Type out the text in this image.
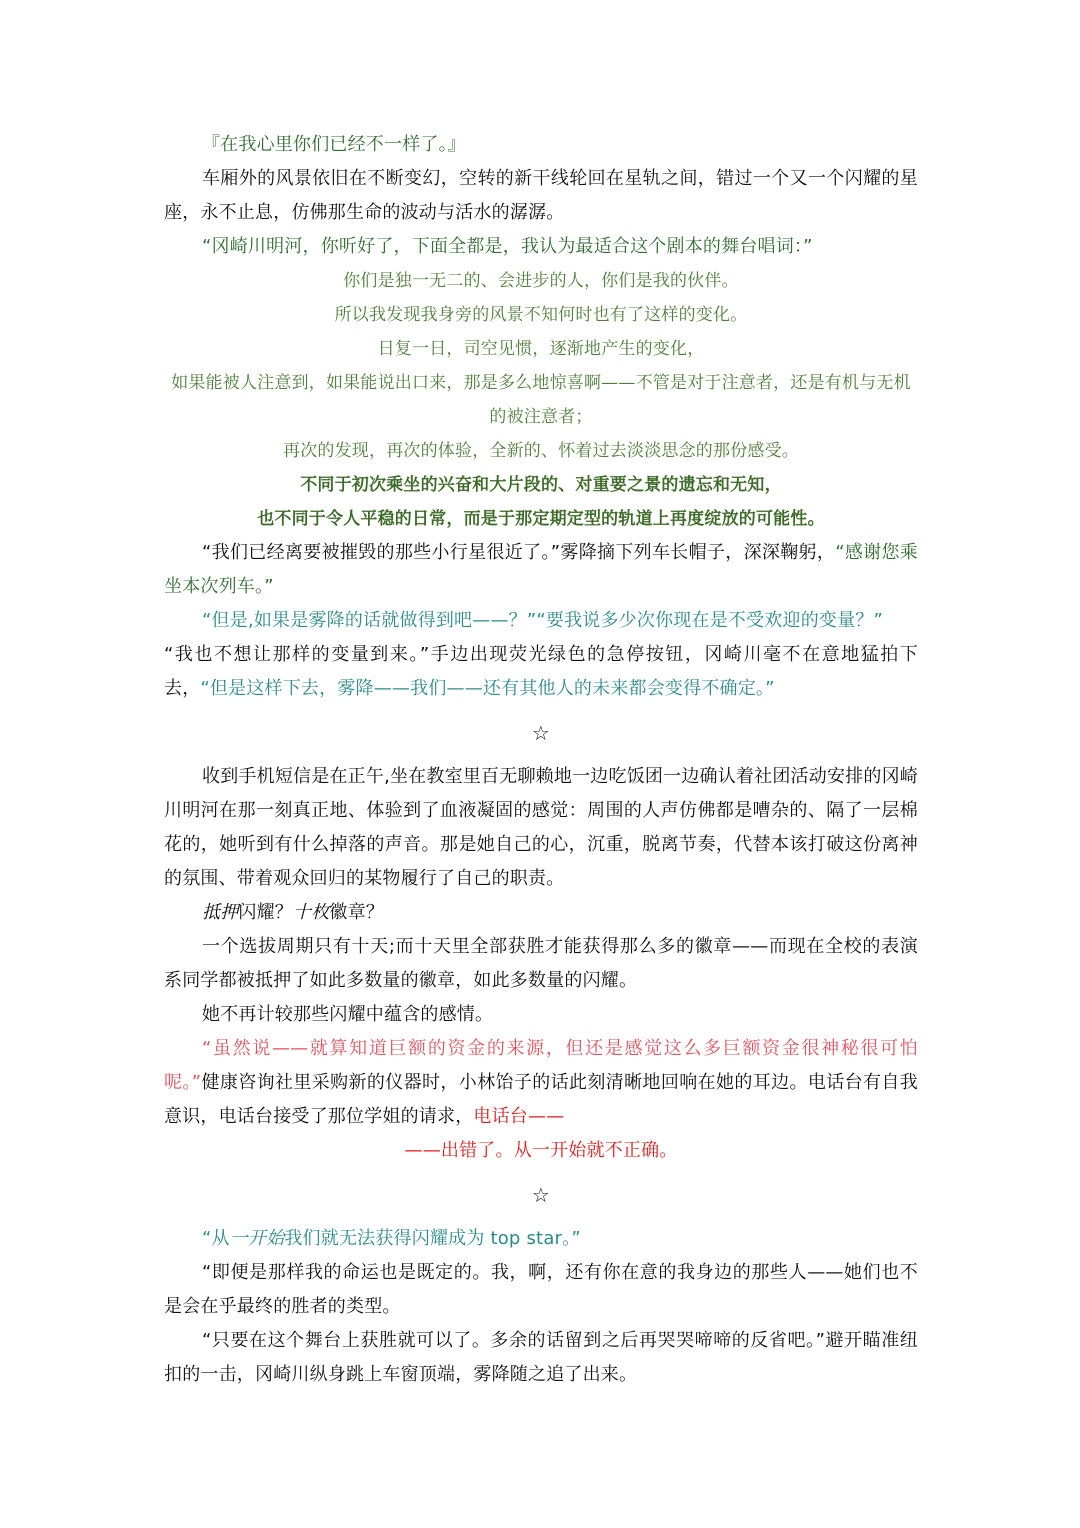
『在我心里你们已经不一样了。』

车厢外的风景依旧在不断变幻，空转的新干线轮回在星轨之间，错过一个又一个闪耀的星座，永不止息，仿佛那生命的波动与活水的潺潺。

“冈崎川明河，你听好了，下面全都是，我认为最适合这个剧本的舞台唱词：”

你们是独一无二的、会进步的人，你们是我的伙伴。

所以我发现我身旁的风景不知何时也有了这样的变化。

日复一日，司空见惯，逐渐地产生的变化，

如果能被人注意到，如果能说出口来，那是多么地惊喜啊——不管是对于注意者，还是有机与无机的被注意者；

再次的发现，再次的体验，全新的、怀着过去淡淡思念的那份感受。

不同于初次乘坐的兴奋和大片段的、对重要之景的遗忘和无知，

也不同于令人平稳的日常，而是于那定期定型的轨道上再度绽放的可能性。

“我们已经离要被摧毁的那些小行星很近了。”雾降摘下列车长帽子，深深鞠躬，“感谢您乘坐本次列车。”

“但是,如果是雾降的话就做得到吧——？”“要我说多少次你现在是不受欢迎的变量？”

“我也不想让那样的变量到来。”手边出现荧光绿色的急停按钮，冈崎川毫不在意地猛拍下去，“但是这样下去，雾降——我们——还有其他人的未来都会变得不确定。”

☆

收到手机短信是在正午,坐在教室里百无聊赖地一边吃饭团一边确认着社团活动安排的冈崎川明河在那一刻真正地、体验到了血液凝固的感觉：周围的人声仿佛都是嘈杂的、隔了一层棉花的，她听到有什么掉落的声音。那是她自己的心，沉重，脱离节奏，代替本该打破这份离神的氛围、带着观众回归的某物履行了自己的职责。

抵押闪耀？十枚徽章？

一个选拔周期只有十天;而十天里全部获胜才能获得那么多的徽章——而现在全校的表演系同学都被抵押了如此多数量的徽章，如此多数量的闪耀。

她不再计较那些闪耀中蕴含的感情。

“虽然说——就算知道巨额的资金的来源，但还是感觉这么多巨额资金很神秘很可怕呢。”健康咨询社里采购新的仪器时，小林饴子的话此刻清晰地回响在她的耳边。电话台有自我意识，电话台接受了那位学姐的请求，电话台——

——出错了。从一开始就不正确。

☆

“从一开始我们就无法获得闪耀成为 top star。”

“即便是那样我的命运也是既定的。我，啊，还有你在意的我身边的那些人——她们也不是会在乎最终的胜者的类型。

“只要在这个舞台上获胜就可以了。多余的话留到之后再哭哭啼啼的反省吧。”避开瞄准纽扣的一击，冈崎川纵身跳上车窗顶端，雾降随之追了出来。
